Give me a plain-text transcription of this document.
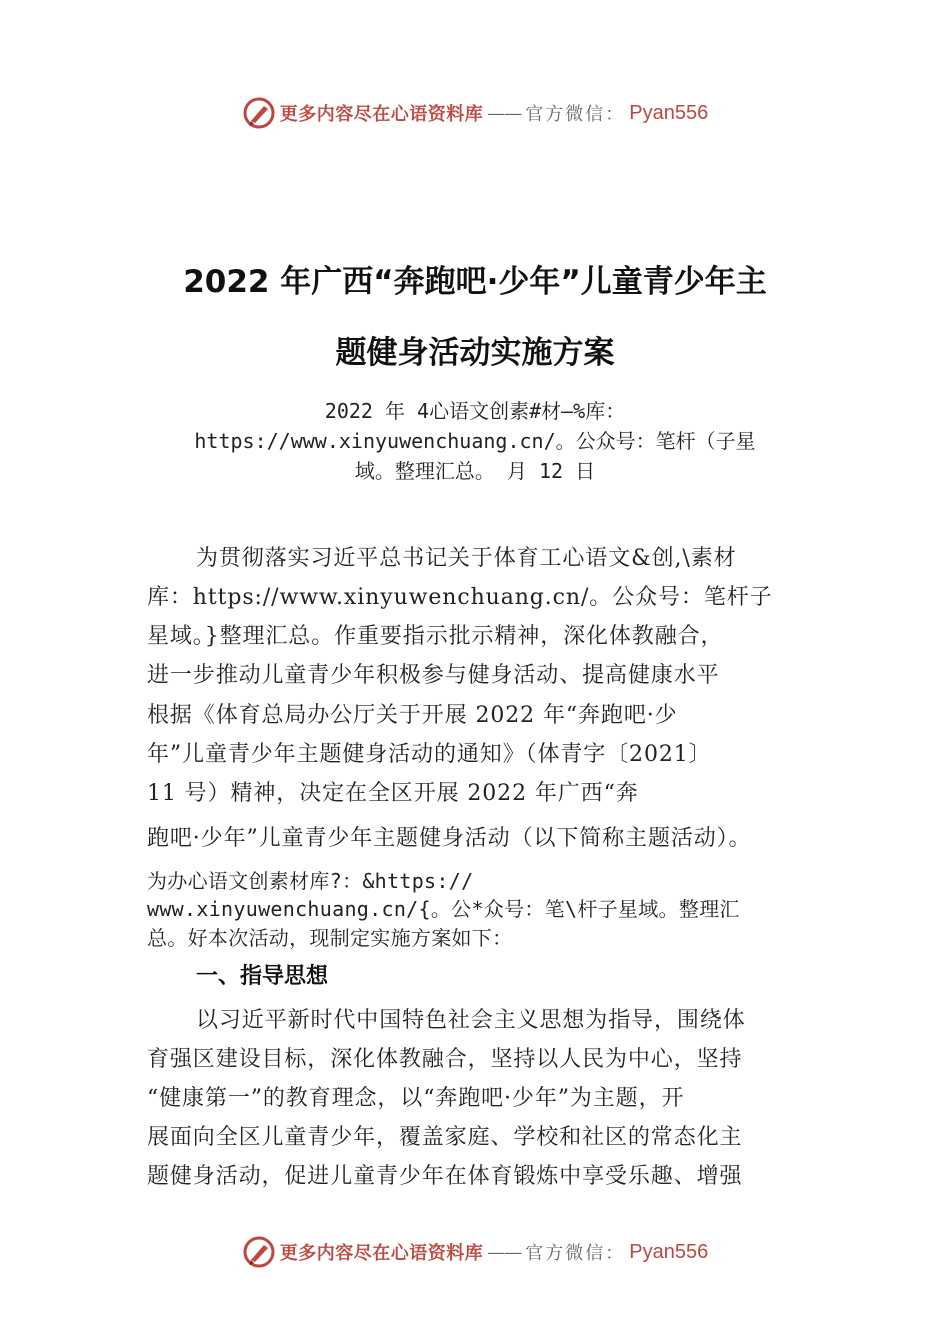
更多内容尽在心语资料库 —— 官方微信： Pyan556
2022 年广西“奔跑吧·少年”儿童青少年主
题健身活动实施方案
2022 年 4心语文创素#材—%库：
https://www.xinyuwenchuang.cn/。公众号：笔杆（子星
域。整理汇总。 月 12 日
为贯彻落实习近平总书记关于体育工心语文&创,\素材
库：https://www.xinyuwenchuang.cn/。公众号：笔杆子
星域。}整理汇总。作重要指示批示精神，深化体教融合，
进一步推动儿童青少年积极参与健身活动、提高健康水平
根据《体育总局办公厅关于开展 2022 年“奔跑吧·少
年”儿童青少年主题健身活动的通知》（体青字〔2021〕
11 号）精神，决定在全区开展 2022 年广西“奔
跑吧·少年”儿童青少年主题健身活动（以下简称主题活动）。
为办心语文创素材库?：&https://
www.xinyuwenchuang.cn/{。公*众号：笔\杆子星域。整理汇
总。好本次活动，现制定实施方案如下：
一、指导思想
以习近平新时代中国特色社会主义思想为指导，围绕体
育强区建设目标，深化体教融合，坚持以人民为中心，坚持
“健康第一”的教育理念，以“奔跑吧·少年”为主题，开
展面向全区儿童青少年，覆盖家庭、学校和社区的常态化主
题健身活动，促进儿童青少年在体育锻炼中享受乐趣、增强
更多内容尽在心语资料库 —— 官方微信： Pyan556
